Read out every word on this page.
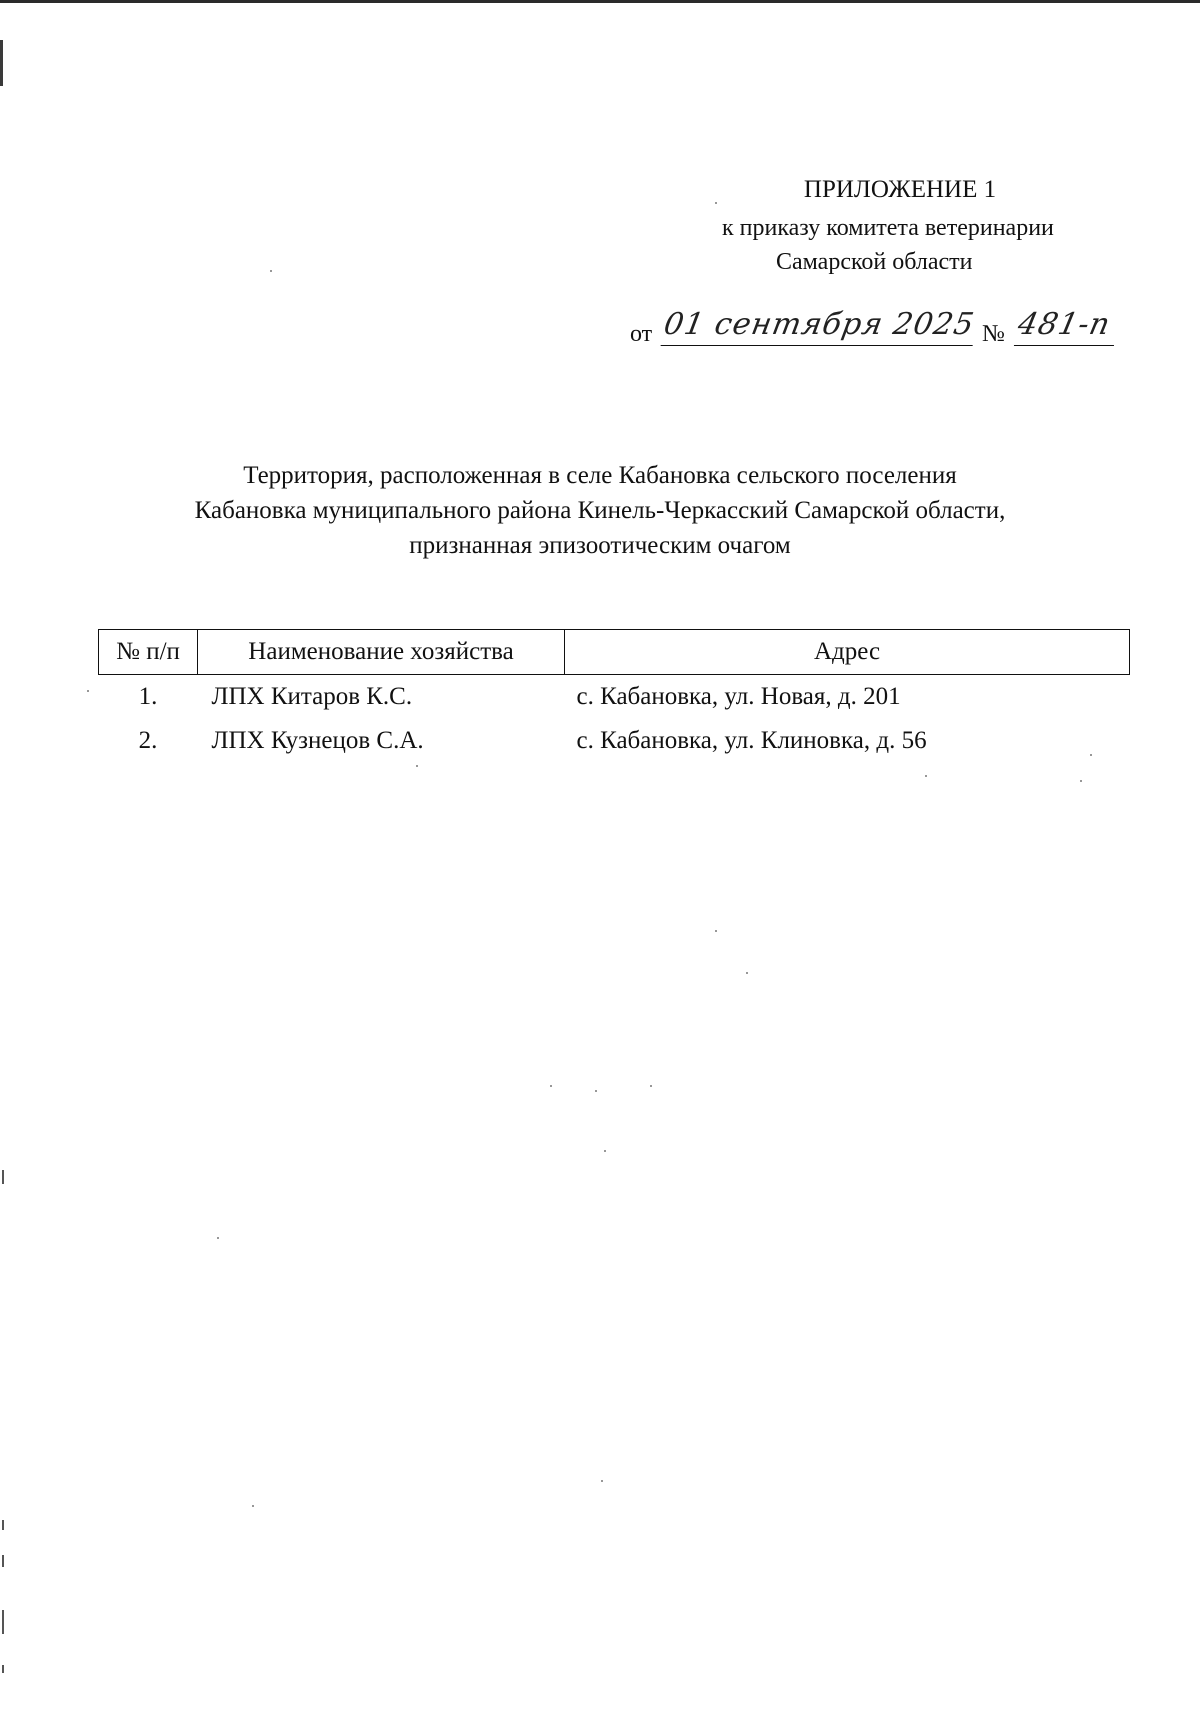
ПРИЛОЖЕНИЕ 1
к приказу комитета ветеринарии
Самарской области
от 01 сентября 2025 № 481-п
Территория, расположенная в селе Кабановка сельского поселения
Кабановка муниципального района Кинель-Черкасский Самарской области,
признанная эпизоотическим очагом
№ п/п	Наименование хозяйства	Адрес
1.	ЛПХ Китаров К.С.	с. Кабановка, ул. Новая, д. 201
2.	ЛПХ Кузнецов С.А.	с. Кабановка, ул. Клиновка, д. 56
